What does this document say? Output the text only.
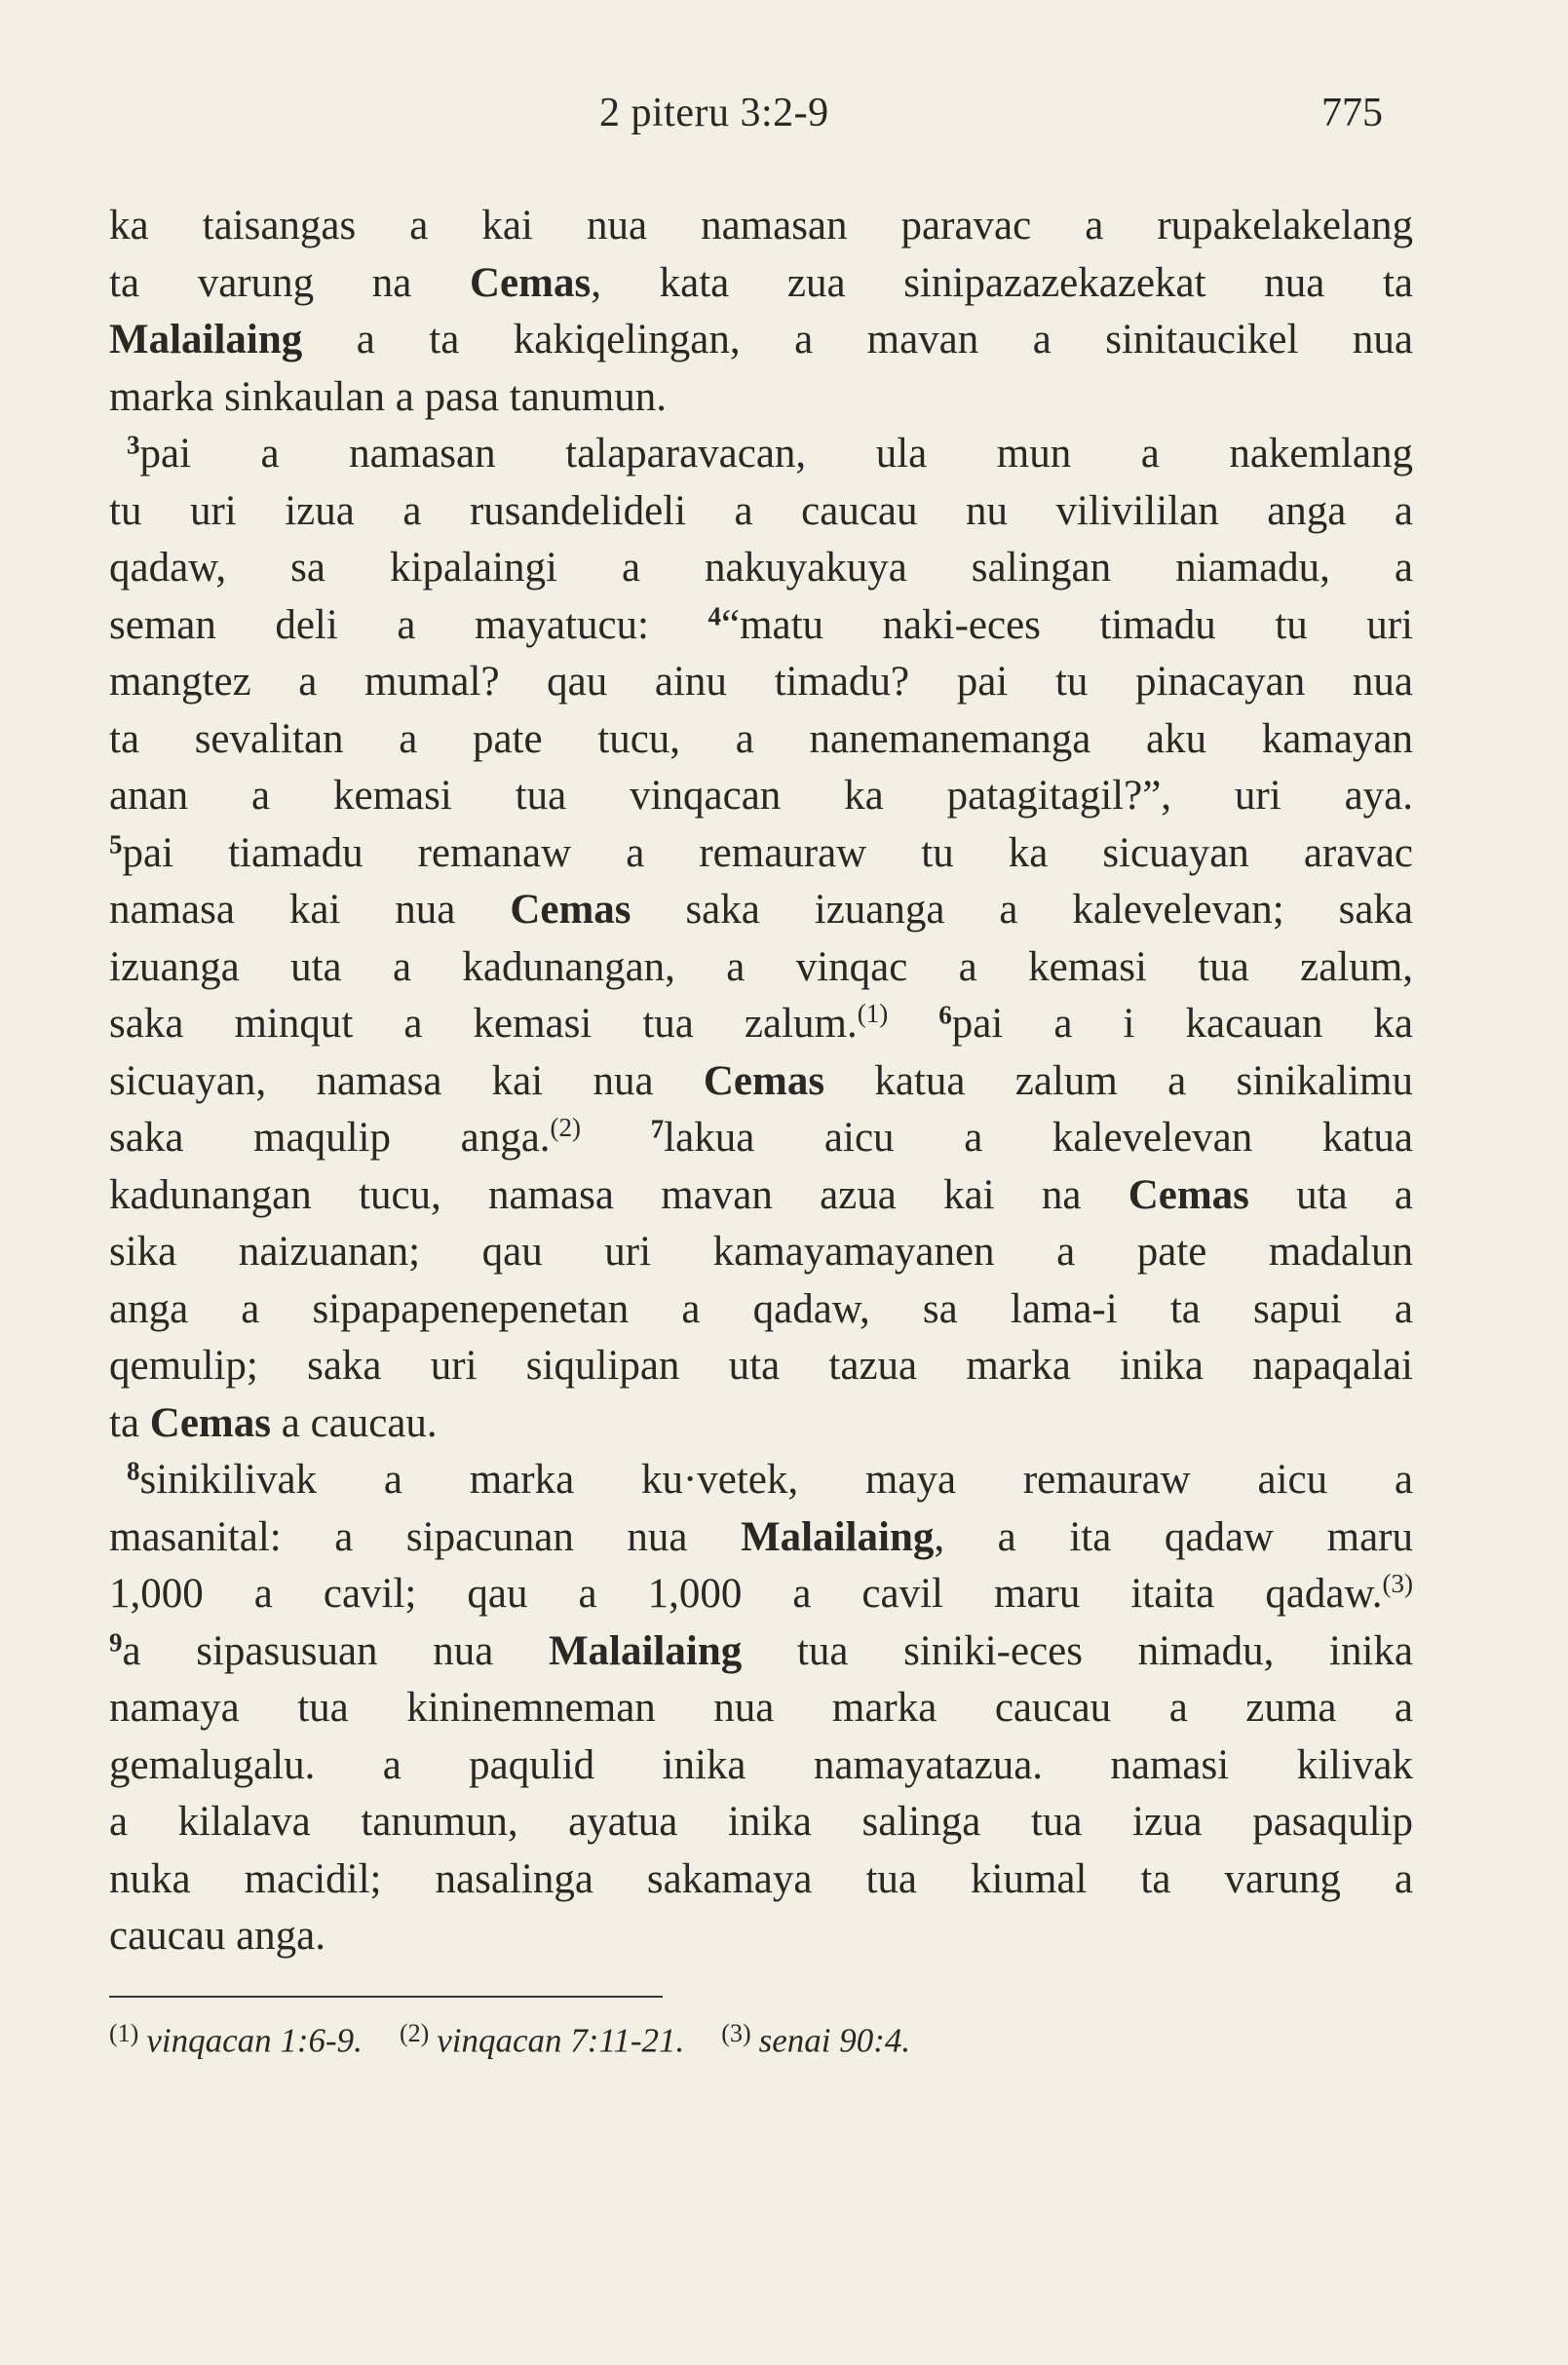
2 piteru 3:2-9	775
ka taisangas a kai nua namasan paravac a rupakelakelang
ta varung na Cemas, kata zua sinipazazekazekat nua ta
Malailaing a ta kakiqelingan, a mavan a sinitaucikel nua
marka sinkaulan a pasa tanumun.
$^3$pai a namasan talaparavacan, ula mun a nakemlang
tu uri izua a rusandelideli a caucau nu vilivililan anga a
qadaw, sa kipalaingi a nakuyakuya salingan niamadu, a
seman deli a mayatucu: $^4$“matu naki-eces timadu tu uri
mangtez a mumal? qau ainu timadu? pai tu pinacayan nua
ta sevalitan a pate tucu, a nanemanemanga aku kamayan
anan a kemasi tua vinqacan ka patagitagil?”, uri aya.
$^5$pai tiamadu remanaw a remauraw tu ka sicuayan aravac
namasa kai nua Cemas saka izuanga a kalevelevan; saka
izuanga uta a kadunangan, a vinqac a kemasi tua zalum,
saka minqut a kemasi tua zalum.$^{(1)}$ $^6$pai a i kacauan ka
sicuayan, namasa kai nua Cemas katua zalum a sinikalimu
saka maqulip anga.$^{(2)}$	$^7$lakua aicu a kalevelevan katua
kadunangan tucu, namasa mavan azua kai na Cemas uta a
sika naizuanan; qau uri kamayamayanen a pate madalun
anga a sipapapenepenetan a qadaw, sa lama-i ta sapui a
qemulip; saka uri siqulipan uta tazua marka inika napaqalai
ta Cemas a caucau.
$^8$sinikilivak a marka ku·vetek, maya remauraw aicu a
masanital: a sipacunan nua Malailaing, a ita qadaw maru
1,000 a cavil; qau a 1,000 a cavil maru itaita qadaw.$^{(3)}$
$^9$a sipasusuan nua Malailaing tua siniki-eces nimadu, inika
namaya tua kininemneman nua marka caucau a zuma a
gemalugalu. a paqulid inika namayatazua. namasi kilivak
a kilalava tanumun, ayatua inika salinga tua izua pasaqulip
nuka macidil; nasalinga sakamaya tua kiumal ta varung a
caucau anga.
$^{(1)}$ vinqacan 1:6-9. $^{(2)}$ vinqacan 7:11-21. $^{(3)}$ senai 90:4.
